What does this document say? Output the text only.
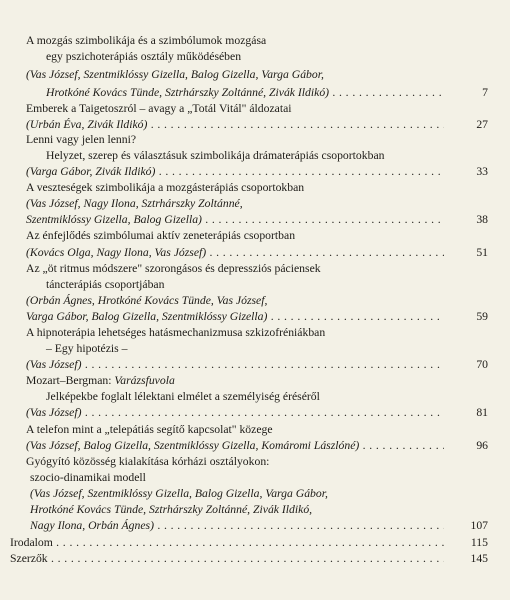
A mozgás szimbolikája és a szimbólumok mozgása
egy pszichoterápiás osztály működésében
(Vas József, Szentmiklóssy Gizella, Balog Gizella, Varga Gábor,
Hrotkóné Kovács Tünde, Sztrhárszky Zoltánné, Zivák Ildikó) . . .	7
Emberek a Taigetoszról – avagy a „Totál Vitál" áldozatai
(Urbán Éva, Zivák Ildikó) . . .	27
Lenni vagy jelen lenni?
Helyzet, szerep és választásuk szimbolikája drámaterápiás csoportokban
(Varga Gábor, Zivák Ildikó) . . .	33
A veszteségek szimbolikája a mozgásterápiás csoportokban
(Vas József, Nagy Ilona, Sztrhárszky Zoltánné,
Szentmiklóssy Gizella, Balog Gizella) . . .	38
Az énfejlődés szimbólumai aktív zeneterápiás csoportban
(Kovács Olga, Nagy Ilona, Vas József) . . .	51
Az „öt ritmus módszere" szorongásos és depressziós páciensek
táncterápiás csoportjában
(Orbán Ágnes, Hrotkóné Kovács Tünde, Vas József,
Varga Gábor, Balog Gizella, Szentmiklóssy Gizella) . . .	59
A hipnoterápia lehetséges hatásmechanizmusa szkizofréniákban
– Egy hipotézis –
(Vas József) . . .	70
Mozart–Bergman: Varázsfuvola
Jelképekbe foglalt lélektani elmélet a személyiség éréséről
(Vas József) . . .	81
A telefon mint a „telepátiás segítő kapcsolat" közege
(Vas József, Balog Gizella, Szentmiklóssy Gizella, Komáromi Lászlóné) . . .	96
Gyógyító közösség kialakítása kórházi osztályokon:
szocio-dinamikai modell
(Vas József, Szentmiklóssy Gizella, Balog Gizella, Varga Gábor,
Hrotkóné Kovács Tünde, Sztrhárszky Zoltánné, Zivák Ildikó,
Nagy Ilona, Orbán Ágnes) . . .	107
Irodalom . . .	115
Szerzők . . .	145
